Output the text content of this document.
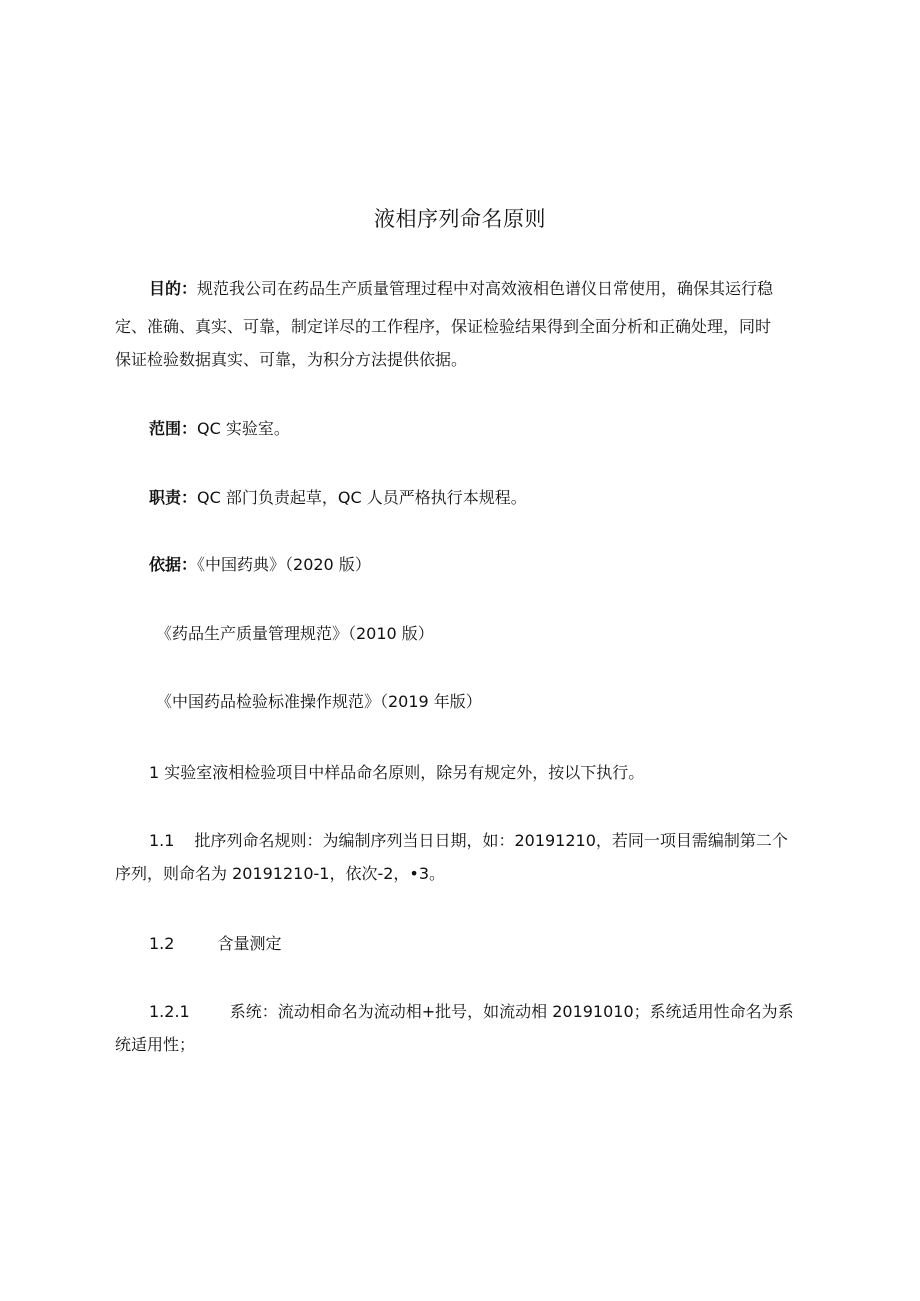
液相序列命名原则
目的：规范我公司在药品生产质量管理过程中对高效液相色谱仪日常使用，确保其运行稳
定、准确、真实、可靠，制定详尽的工作程序，保证检验结果得到全面分析和正确处理，同时
保证检验数据真实、可靠，为积分方法提供依据。
范围：QC 实验室。
职责：QC 部门负责起草，QC 人员严格执行本规程。
依据：《中国药典》（2020 版）
《药品生产质量管理规范》（2010 版）
《中国药品检验标准操作规范》（2019 年版）
1 实验室液相检验项目中样品命名原则，除另有规定外，按以下执行。
1.1 批序列命名规则：为编制序列当日日期，如：20191210，若同一项目需编制第二个
序列，则命名为 20191210-1，依次-2，•3。
1.2	含量测定
1.2.1	系统：流动相命名为流动相+批号，如流动相 20191010；系统适用性命名为系
统适用性；
